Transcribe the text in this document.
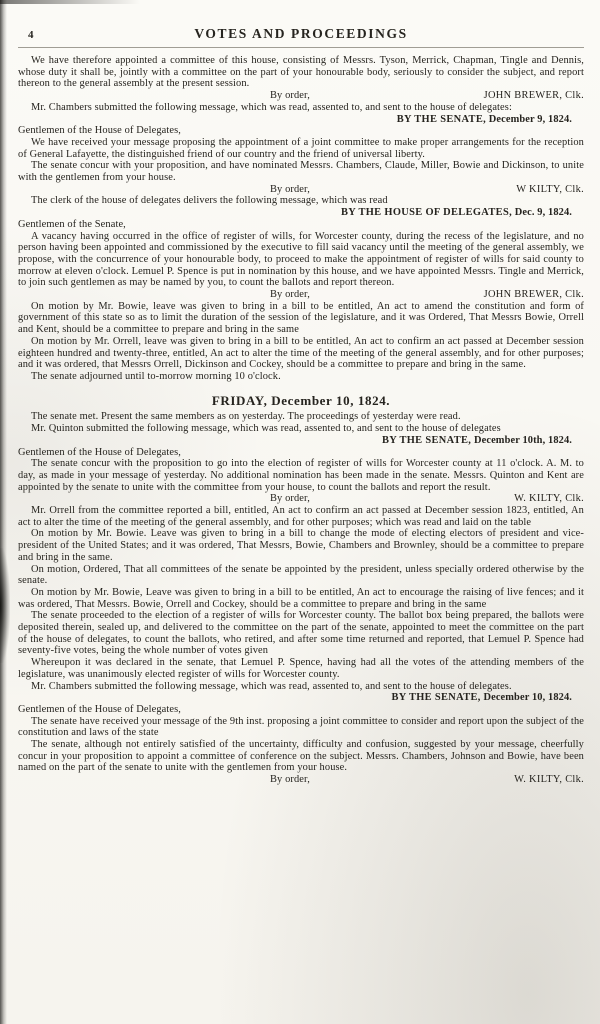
4	VOTES AND PROCEEDINGS

We have therefore appointed a committee of this house, consisting of Messrs. Tyson, Merrick, Chapman, Tingle and Dennis, whose duty it shall be, jointly with a committee on the part of your honourable body, seriously to consider the subject, and report thereon to the general assembly at the present session.

By order,	JOHN BREWER, Clk.

Mr. Chambers submitted the following message, which was read, assented to, and sent to the house of delegates:

BY THE SENATE, December 9, 1824.

Gentlemen of the House of Delegates,

We have received your message proposing the appointment of a joint committee to make proper arrangements for the reception of General Lafayette, the distinguished friend of our country and the friend of universal liberty.

The senate concur with your proposition, and have nominated Messrs. Chambers, Claude, Miller, Bowie and Dickinson, to unite with the gentlemen from your house.

By order,	W KILTY, Clk.

The clerk of the house of delegates delivers the following message, which was read

BY THE HOUSE OF DELEGATES, Dec. 9, 1824.

Gentlemen of the Senate,

A vacancy having occurred in the office of register of wills, for Worcester county, during the recess of the legislature, and no person having been appointed and commissioned by the executive to fill said vacancy until the meeting of the general assembly, we propose, with the concurrence of your honourable body, to proceed to make the appointment of register of wills for said county to morrow at eleven o'clock. Lemuel P. Spence is put in nomination by this house, and we have appointed Messrs. Tingle and Merrick, to join such gentlemen as may be named by you, to count the ballots and report thereon.

By order,	JOHN BREWER, Clk.

On motion by Mr. Bowie, leave was given to bring in a bill to be entitled, An act to amend the constitution and form of government of this state so as to limit the duration of the session of the legislature, and it was Ordered, That Messrs Bowie, Orrell and Kent, should be a committee to prepare and bring in the same

On motion by Mr. Orrell, leave was given to bring in a bill to be entitled, An act to confirm an act passed at December session eighteen hundred and twenty-three, entitled, An act to alter the time of the meeting of the general assembly, and for other purposes; and it was ordered, that Messrs Orrell, Dickinson and Cockey, should be a committee to prepare and bring in the same.

The senate adjourned until to-morrow morning 10 o'clock.

FRIDAY, December 10, 1824.

The senate met. Present the same members as on yesterday. The proceedings of yesterday were read.

Mr. Quinton submitted the following message, which was read, assented to, and sent to the house of delegates

BY THE SENATE, December 10th, 1824.

Gentlemen of the House of Delegates,

The senate concur with the proposition to go into the election of register of wills for Worcester county at 11 o'clock. A. M. to day, as made in your message of yesterday. No additional nomination has been made in the senate. Messrs. Quinton and Kent are appointed by the senate to unite with the committee from your house, to count the ballots and report the result.

By order,	W. KILTY, Clk.

Mr. Orrell from the committee reported a bill, entitled, An act to confirm an act passed at December session 1823, entitled, An act to alter the time of the meeting of the general assembly, and for other purposes; which was read and laid on the table

On motion by Mr. Bowie. Leave was given to bring in a bill to change the mode of electing electors of president and vice-president of the United States; and it was ordered, That Messrs, Bowie, Chambers and Brownley, should be a committee to prepare and bring in the same.

On motion, Ordered, That all committees of the senate be appointed by the president, unless specially ordered otherwise by the senate.

On motion by Mr. Bowie, Leave was given to bring in a bill to be entitled, An act to encourage the raising of live fences; and it was ordered, That Messrs. Bowie, Orrell and Cockey, should be a committee to prepare and bring in the same

The senate proceeded to the election of a register of wills for Worcester county. The ballot box being prepared, the ballots were deposited therein, sealed up, and delivered to the committee on the part of the senate, appointed to meet the committee on the part of the house of delegates, to count the ballots, who retired, and after some time returned and reported, that Lemuel P. Spence had seventy-five votes, being the whole number of votes given

Whereupon it was declared in the senate, that Lemuel P. Spence, having had all the votes of the attending members of the legislature, was unanimously elected register of wills for Worcester county.

Mr. Chambers submitted the following message, which was read, assented to, and sent to the house of delegates.

BY THE SENATE, December 10, 1824.

Gentlemen of the House of Delegates,

The senate have received your message of the 9th inst. proposing a joint committee to consider and report upon the subject of the constitution and laws of the state

The senate, although not entirely satisfied of the uncertainty, difficulty and confusion, suggested by your message, cheerfully concur in your proposition to appoint a committee of conference on the subject. Messrs. Chambers, Johnson and Bowie, have been named on the part of the senate to unite with the gentlemen from your house.

By order,	W. KILTY, Clk.
